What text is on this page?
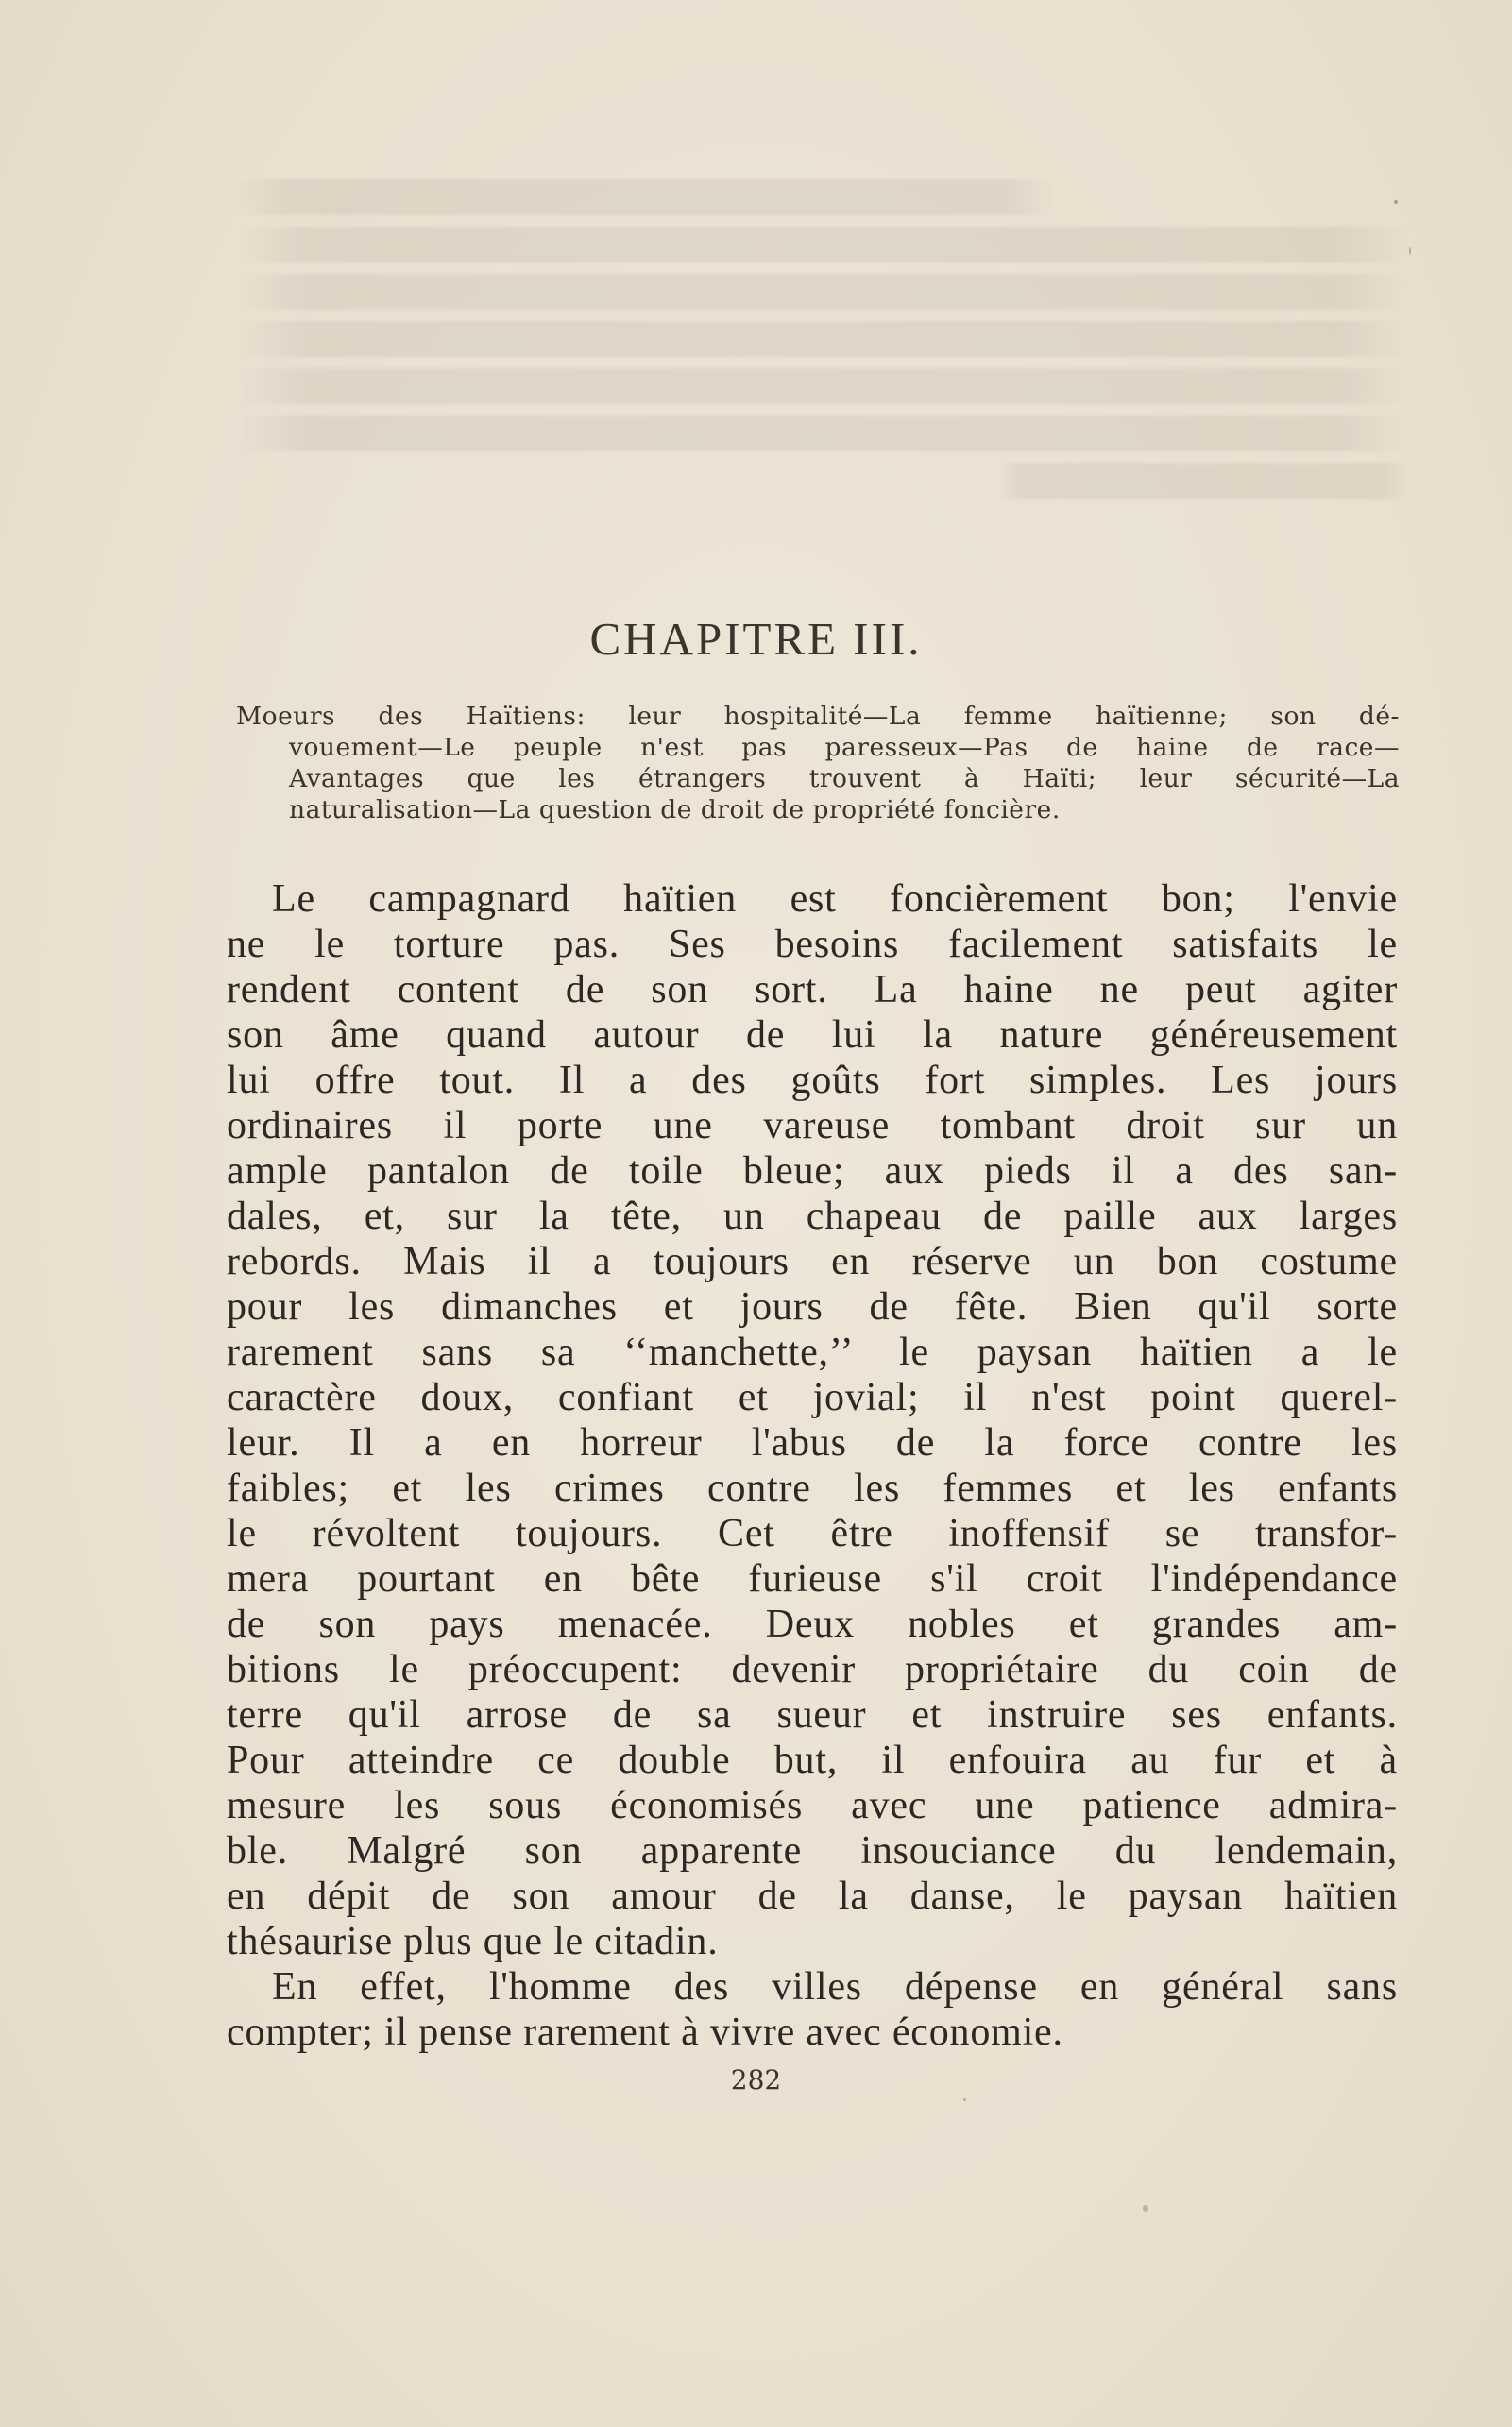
CHAPITRE III.

Moeurs des Haïtiens: leur hospitalité—La femme haïtienne; son dé-
vouement—Le peuple n'est pas paresseux—Pas de haine de race—
Avantages que les étrangers trouvent à Haïti; leur sécurité—La
naturalisation—La question de droit de propriété foncière.

Le campagnard haïtien est foncièrement bon; l'envie
ne le torture pas. Ses besoins facilement satisfaits le
rendent content de son sort. La haine ne peut agiter
son âme quand autour de lui la nature généreusement
lui offre tout. Il a des goûts fort simples. Les jours
ordinaires il porte une vareuse tombant droit sur un
ample pantalon de toile bleue; aux pieds il a des san-
dales, et, sur la tête, un chapeau de paille aux larges
rebords. Mais il a toujours en réserve un bon costume
pour les dimanches et jours de fête. Bien qu'il sorte
rarement sans sa ‘‘manchette,’’ le paysan haïtien a le
caractère doux, confiant et jovial; il n'est point querel-
leur. Il a en horreur l'abus de la force contre les
faibles; et les crimes contre les femmes et les enfants
le révoltent toujours. Cet être inoffensif se transfor-
mera pourtant en bête furieuse s'il croit l'indépendance
de son pays menacée. Deux nobles et grandes am-
bitions le préoccupent: devenir propriétaire du coin de
terre qu'il arrose de sa sueur et instruire ses enfants.
Pour atteindre ce double but, il enfouira au fur et à
mesure les sous économisés avec une patience admira-
ble. Malgré son apparente insouciance du lendemain,
en dépit de son amour de la danse, le paysan haïtien
thésaurise plus que le citadin.
En effet, l'homme des villes dépense en général sans
compter; il pense rarement à vivre avec économie.

282
